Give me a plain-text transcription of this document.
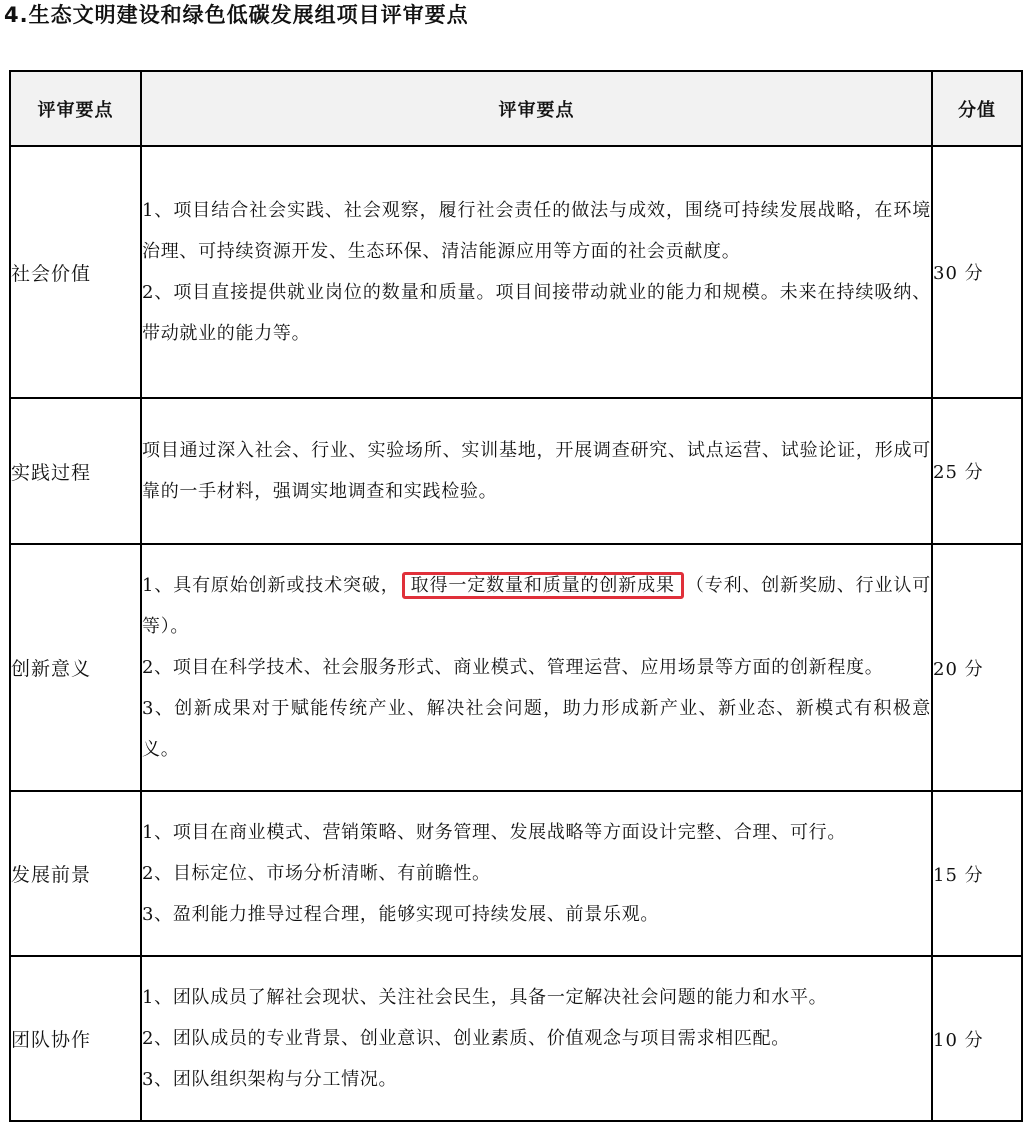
4.生态文明建设和绿色低碳发展组项目评审要点
评审要点	评审要点	分值
社会价值	1、项目结合社会实践、社会观察，履行社会责任的做法与成效，围绕可持续发展战略，在环境治理、可持续资源开发、生态环保、清洁能源应用等方面的社会贡献度。

2、项目直接提供就业岗位的数量和质量。项目间接带动就业的能力和规模。未来在持续吸纳、带动就业的能力等。	30 分
实践过程	项目通过深入社会、行业、实验场所、实训基地，开展调查研究、试点运营、试验论证，形成可靠的一手材料，强调实地调查和实践检验。	25 分
创新意义	1、具有原始创新或技术突破， 取得一定数量和质量的创新成果 （专利、创新奖励、行业认可等）。

2、项目在科学技术、社会服务形式、商业模式、管理运营、应用场景等方面的创新程度。

3、创新成果对于赋能传统产业、解决社会问题，助力形成新产业、新业态、新模式有积极意义。	20 分
发展前景	1、项目在商业模式、营销策略、财务管理、发展战略等方面设计完整、合理、可行。

2、目标定位、市场分析清晰、有前瞻性。

3、盈利能力推导过程合理，能够实现可持续发展、前景乐观。	15 分
团队协作	1、团队成员了解社会现状、关注社会民生，具备一定解决社会问题的能力和水平。

2、团队成员的专业背景、创业意识、创业素质、价值观念与项目需求相匹配。

3、团队组织架构与分工情况。	10 分
